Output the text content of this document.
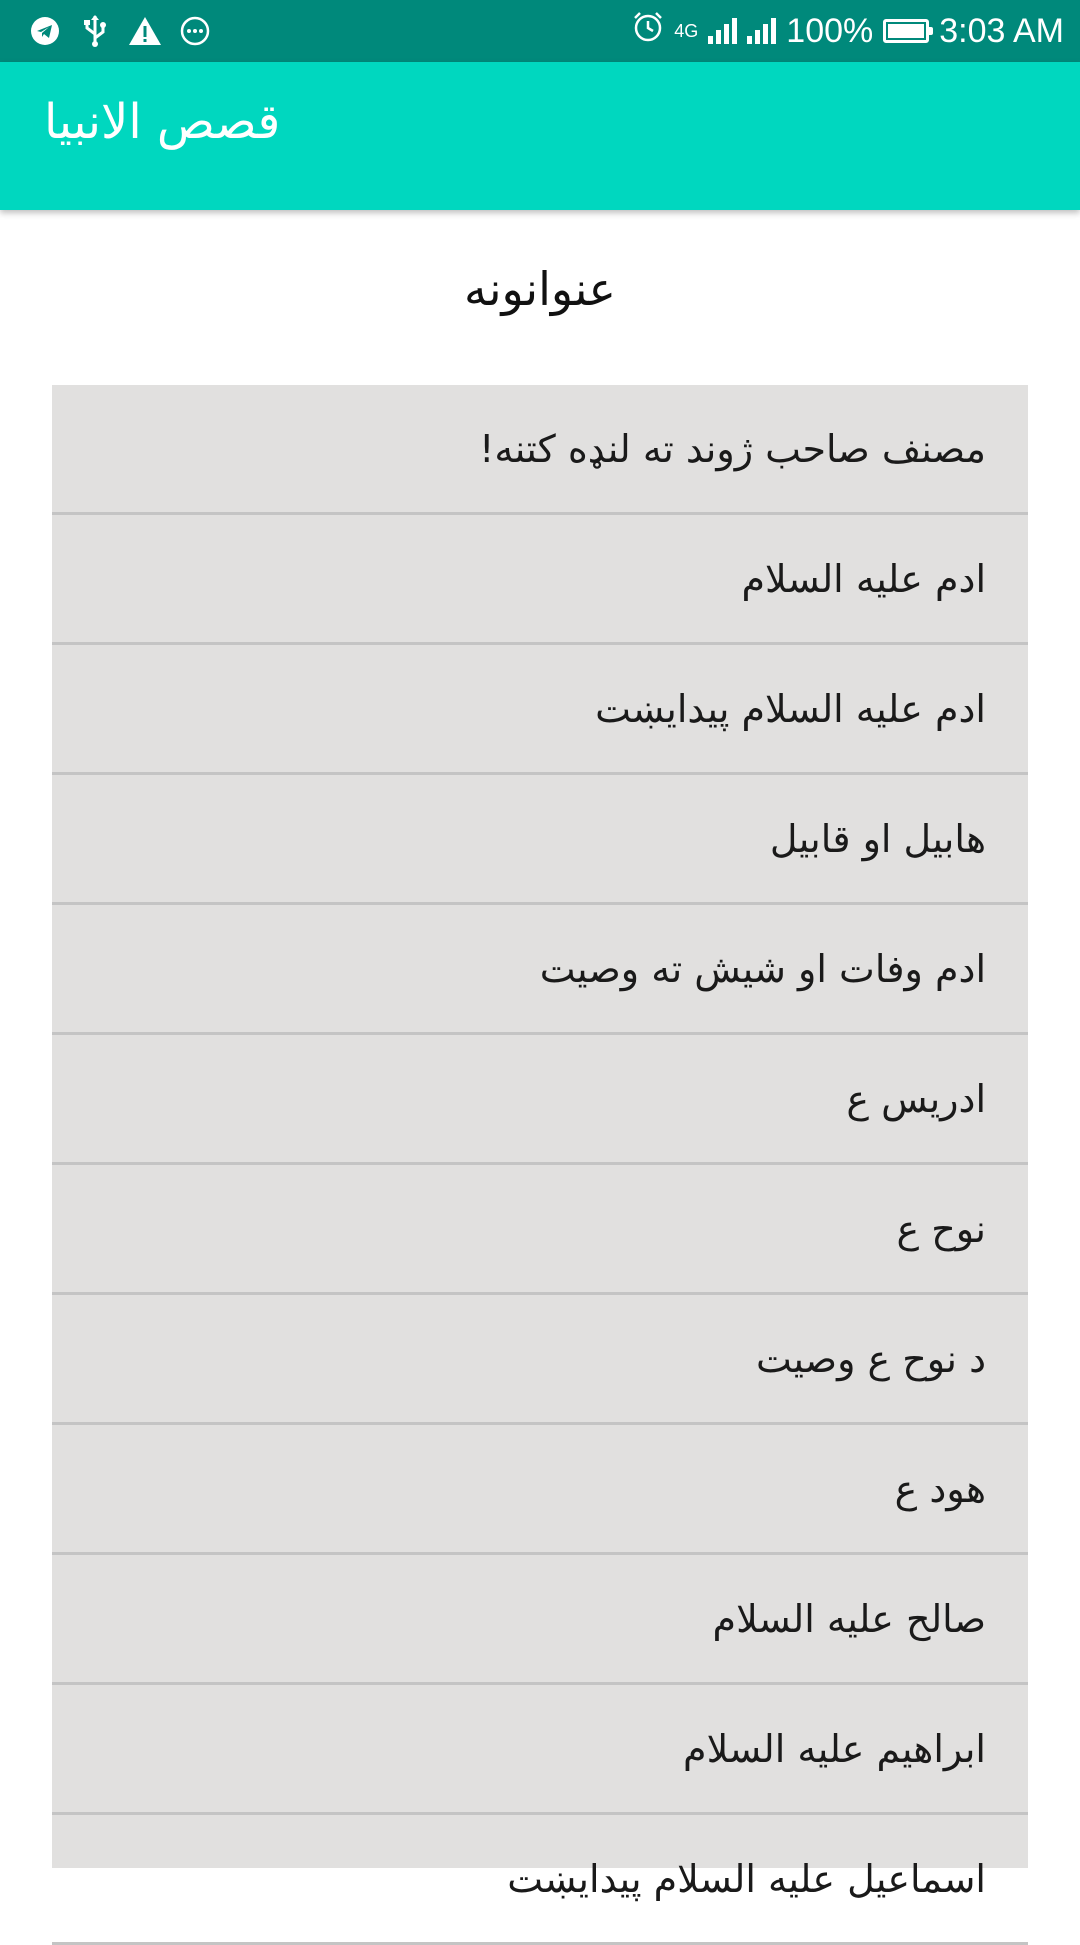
4G	100% 3:03 AM
قصص الانبیا
عنوانونه
مصنف صاحب ژوند ته لنډه کتنه!
ادم علیه السلام
ادم علیه السلام پیدایښت
هابیل او قابیل
ادم وفات او شیش ته وصیت
ادریس ع
نوح ع
د نوح ع وصیت
هود ع
صالح علیه السلام
ابراهیم علیه السلام
اسماعیل علیه السلام پیدایښت
